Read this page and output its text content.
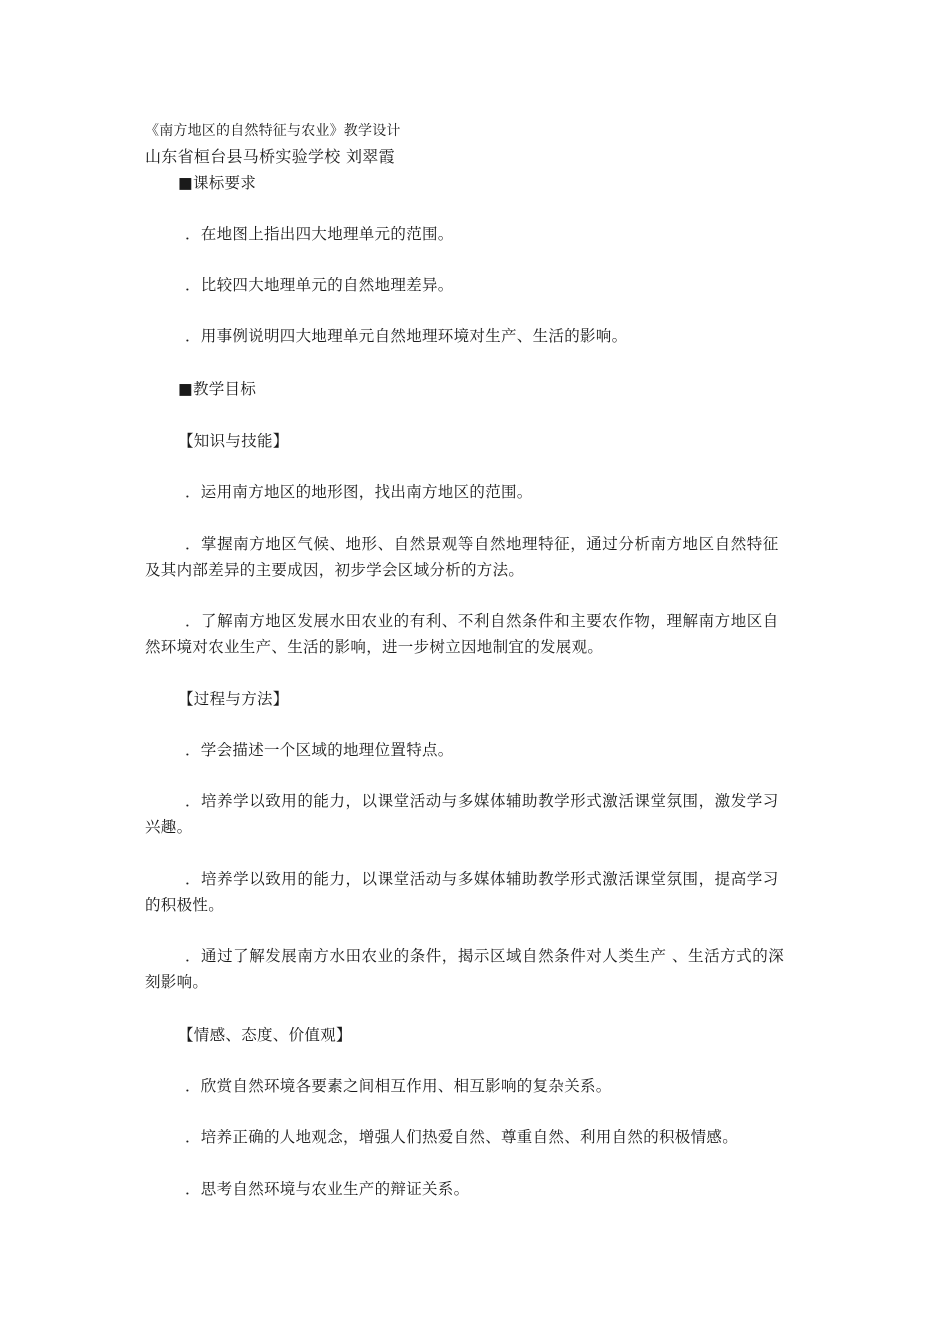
《南方地区的自然特征与农业》教学设计
山东省桓台县马桥实验学校 刘翠霞
■课标要求
．在地图上指出四大地理单元的范围。
．比较四大地理单元的自然地理差异。
．用事例说明四大地理单元自然地理环境对生产、生活的影响。
■教学目标
【知识与技能】
．运用南方地区的地形图，找出南方地区的范围。
．掌握南方地区气候、地形、自然景观等自然地理特征，通过分析南方地区自然特征
及其内部差异的主要成因，初步学会区域分析的方法。
．了解南方地区发展水田农业的有利、不利自然条件和主要农作物，理解南方地区自
然环境对农业生产、生活的影响，进一步树立因地制宜的发展观。
【过程与方法】
．学会描述一个区域的地理位置特点。
．培养学以致用的能力，以课堂活动与多媒体辅助教学形式激活课堂氛围，激发学习
兴趣。
．培养学以致用的能力，以课堂活动与多媒体辅助教学形式激活课堂氛围，提高学习
的积极性。
．通过了解发展南方水田农业的条件，揭示区域自然条件对人类生产 、生活方式的深
刻影响。
【情感、态度、价值观】
．欣赏自然环境各要素之间相互作用、相互影响的复杂关系。
．培养正确的人地观念，增强人们热爱自然、尊重自然、利用自然的积极情感。
．思考自然环境与农业生产的辩证关系。
